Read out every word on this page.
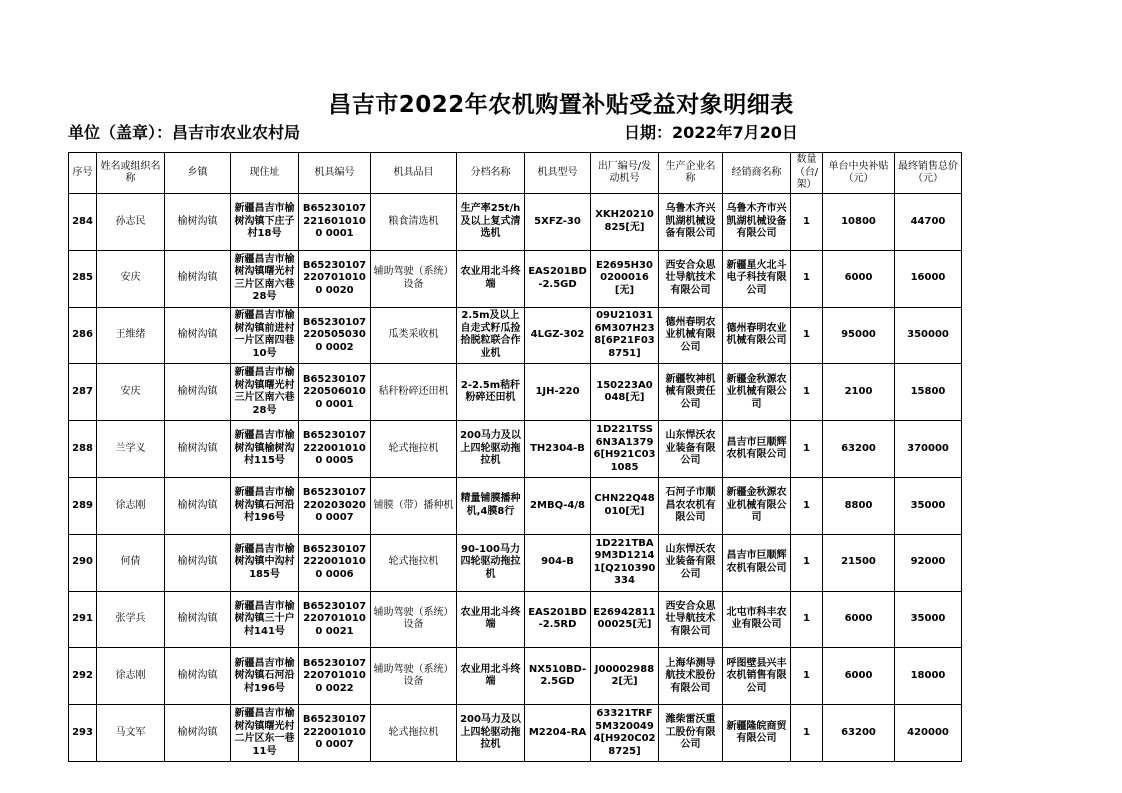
昌吉市2022年农机购置补贴受益对象明细表
单位（盖章）：昌吉市农业农村局	日期：2022年7月20日
序号	姓名或组织名称	乡镇	现住址	机具编号	机具品目	分档名称	机具型号	出厂编号/发动机号	生产企业名称	经销商名称	数量（台/架）	单台中央补贴（元）	最终销售总价（元）
284	孙志民	榆树沟镇	新疆昌吉市榆树沟镇下庄子村18号	B652301072216010100 0001	粮食清选机	生产率25t/h及以上复式清选机	5XFZ-30	XKH20210825[无]	乌鲁木齐兴凯湖机械设备有限公司	乌鲁木齐市兴凯湖机械设备有限公司	1	10800	44700
285	安庆	榆树沟镇	新疆昌吉市榆树沟镇曙光村三片区南六巷28号	B652301072207010100 0020	辅助驾驶（系统）设备	农业用北斗终端	EAS201BD-2.5GD	E2695H300200016[无]	西安合众思壮导航技术有限公司	新疆星火北斗电子科技有限公司	1	6000	16000
286	王维绪	榆树沟镇	新疆昌吉市榆树沟镇前进村一片区南四巷10号	B652301072205050300 0002	瓜类采收机	2.5m及以上自走式籽瓜捡拾脱粒联合作业机	4LGZ-302	09U210316M307H238[6P21F038751]	德州春明农业机械有限公司	德州春明农业机械有限公司	1	95000	350000
287	安庆	榆树沟镇	新疆昌吉市榆树沟镇曙光村三片区南六巷28号	B652301072205060100 0001	秸秆粉碎还田机	2-2.5m秸秆粉碎还田机	1JH-220	150223A0048[无]	新疆牧神机械有限责任公司	新疆金秋源农业机械有限公司	1	2100	15800
288	兰学义	榆树沟镇	新疆昌吉市榆树沟镇榆树沟村115号	B652301072220010100 0005	轮式拖拉机	200马力及以上四轮驱动拖拉机	TH2304-B	1D221TSS6N3A13796[H921C031085	山东悍沃农业装备有限公司	昌吉市巨顺辉农机有限公司	1	63200	370000
289	徐志刚	榆树沟镇	新疆昌吉市榆树沟镇石河沿村196号	B652301072202030200 0007	铺膜（带）播种机	精量铺膜播种机,4膜8行	2MBQ-4/8	CHN22Q48010[无]	石河子市顺昌农农机有限公司	新疆金秋源农业机械有限公司	1	8800	35000
290	何倩	榆树沟镇	新疆昌吉市榆树沟镇中沟村185号	B652301072220010100 0006	轮式拖拉机	90-100马力四轮驱动拖拉机	904-B	1D221TBA9M3D12141[Q210390334	山东悍沃农业装备有限公司	昌吉市巨顺辉农机有限公司	1	21500	92000
291	张学兵	榆树沟镇	新疆昌吉市榆树沟镇三十户村141号	B652301072207010100 0021	辅助驾驶（系统）设备	农业用北斗终端	EAS201BD-2.5RD	E2694281100025[无]	西安合众思壮导航技术有限公司	北屯市科丰农业有限公司	1	6000	35000
292	徐志刚	榆树沟镇	新疆昌吉市榆树沟镇石河沿村196号	B652301072207010100 0022	辅助驾驶（系统）设备	农业用北斗终端	NX510BD-2.5GD	J000029882[无]	上海华测导航技术股份有限公司	呼图壁县兴丰农机销售有限公司	1	6000	18000
293	马文军	榆树沟镇	新疆昌吉市榆树沟镇曙光村二片区东一巷11号	B652301072220010100 0007	轮式拖拉机	200马力及以上四轮驱动拖拉机	M2204-RA	63321TRF5M3200494[H920C028725]	潍柴雷沃重工股份有限公司	新疆隆皖商贸有限公司	1	63200	420000
